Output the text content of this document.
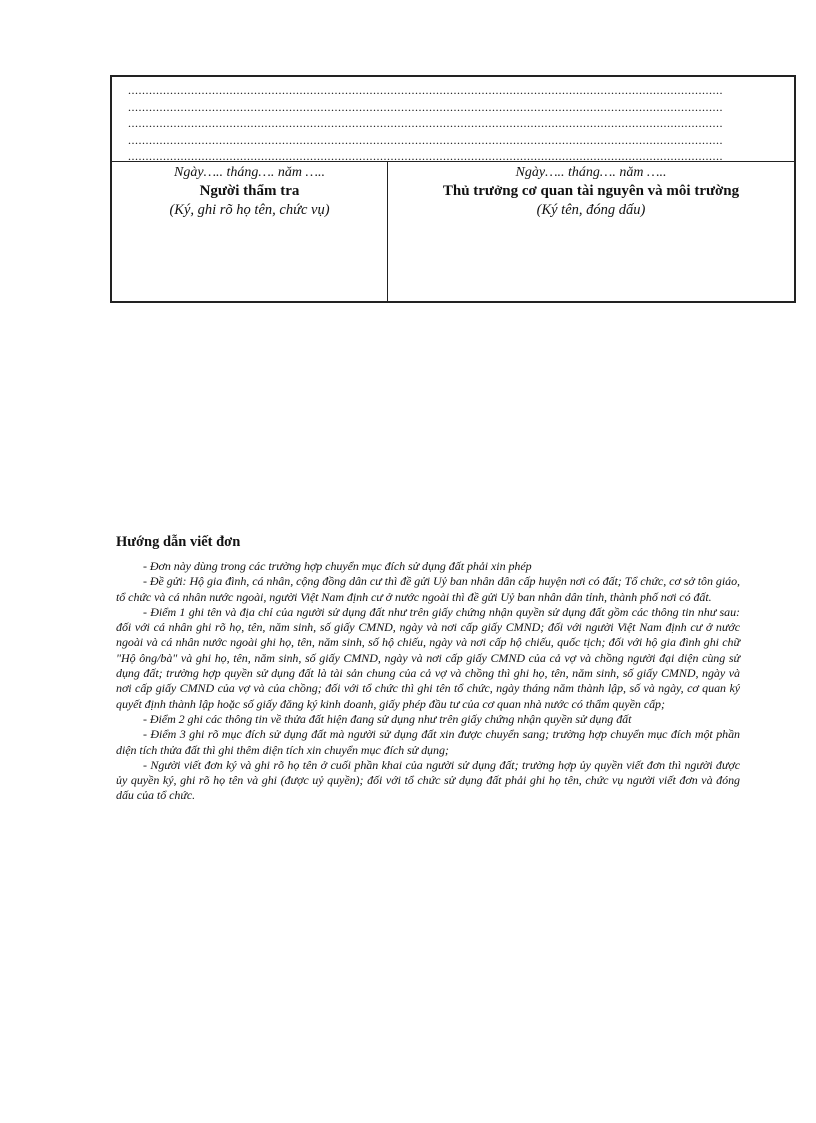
..........................................................................................................................................................................
..........................................................................................................................................................................
..........................................................................................................................................................................
..........................................................................................................................................................................
..........................................................................................................................................................................
Ngày….. tháng…. năm …..
Người thẩm tra
(Ký, ghi rõ họ tên, chức vụ)
Ngày….. tháng…. năm …..
Thủ trưởng cơ quan tài nguyên và môi trường
(Ký tên, đóng dấu)
Hướng dẫn viết đơn

- Đơn này dùng trong các trường hợp chuyển mục đích sử dụng đất phải xin phép

- Đề gửi: Hộ gia đình, cá nhân, cộng đồng dân cư thì đề gửi Uỷ ban nhân dân cấp huyện nơi có đất; Tổ chức, cơ sở tôn giáo, tổ chức và cá nhân nước ngoài, người Việt Nam định cư ở nước ngoài thì đề gửi Uỷ ban nhân dân tỉnh, thành phố nơi có đất.

- Điểm 1 ghi tên và địa chỉ của người sử dụng đất như trên giấy chứng nhận quyền sử dụng đất gồm các thông tin như sau: đối với cá nhân ghi rõ họ, tên, năm sinh, số giấy CMND, ngày và nơi cấp giấy CMND; đối với người Việt Nam định cư ở nước ngoài và cá nhân nước ngoài ghi họ, tên, năm sinh, số hộ chiếu, ngày và nơi cấp hộ chiếu, quốc tịch; đối với hộ gia đình ghi chữ "Hộ ông/bà" và ghi họ, tên, năm sinh, số giấy CMND, ngày và nơi cấp giấy CMND của cả vợ và chồng người đại diện cùng sử dụng đất; trường hợp quyền sử dụng đất là tài sản chung của cả vợ và chồng thì ghi họ, tên, năm sinh, số giấy CMND, ngày và nơi cấp giấy CMND của vợ và của chồng; đối với tổ chức thì ghi tên tổ chức, ngày tháng năm thành lập, số và ngày, cơ quan ký quyết định thành lập hoặc số giấy đăng ký kinh doanh, giấy phép đầu tư của cơ quan nhà nước có thẩm quyền cấp;

- Điểm 2 ghi các thông tin về thửa đất hiện đang sử dụng như trên giấy chứng nhận quyền sử dụng đất

- Điểm 3 ghi rõ mục đích sử dụng đất mà người sử dụng đất xin được chuyển sang; trường hợp chuyển mục đích một phần diện tích thửa đất thì ghi thêm diện tích xin chuyển mục đích sử dụng;

- Người viết đơn ký và ghi rõ họ tên ở cuối phần khai của người sử dụng đất; trường hợp ủy quyền viết đơn thì người được ủy quyền ký, ghi rõ họ tên và ghi (được uỷ quyền); đối với tổ chức sử dụng đất phải ghi họ tên, chức vụ người viết đơn và đóng dấu của tổ chức.
